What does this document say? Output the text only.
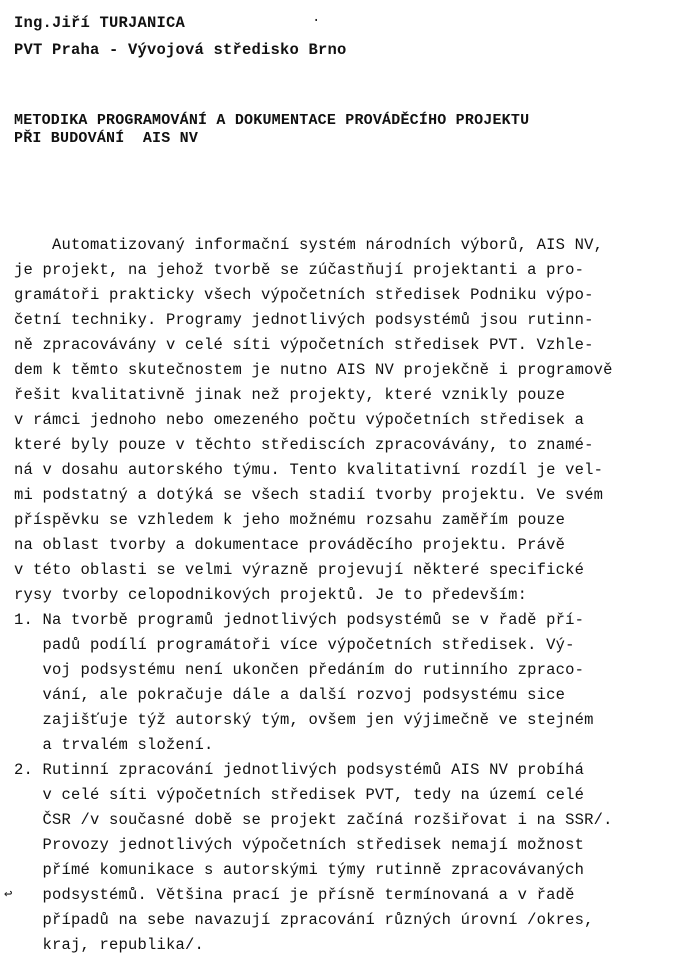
Ing.Jiří TURJANICA
PVT Praha - Vývojová středisko Brno
METODIKA PROGRAMOVÁNÍ A DOKUMENTACE PROVÁDĚCÍHO PROJEKTU
PŘI BUDOVÁNÍ  AIS NV
Automatizovaný informační systém národních výborů, AIS NV,
je projekt, na jehož tvorbě se zúčastňují projektanti a pro-
gramátoři prakticky všech výpočetních středisek Podniku výpo-
četní techniky. Programy jednotlivých podsystémů jsou rutinn-
ně zpracovávány v celé síti výpočetních středisek PVT. Vzhle-
dem k těmto skutečnostem je nutno AIS NV projekčně i programově
řešit kvalitativně jinak než projekty, které vznikly pouze
v rámci jednoho nebo omezeného počtu výpočetních středisek a
které byly pouze v těchto střediscích zpracovávány, to znamé-
ná v dosahu autorského týmu. Tento kvalitativní rozdíl je vel-
mi podstatný a dotýká se všech stadií tvorby projektu. Ve svém
příspěvku se vzhledem k jeho možnému rozsahu zaměřím pouze
na oblast tvorby a dokumentace prováděcího projektu. Právě
v této oblasti se velmi výrazně projevují některé specifické
rysy tvorby celopodnikových projektů. Je to především:
1. Na tvorbě programů jednotlivých podsystémů se v řadě pří-
padů podílí programátoři více výpočetních středisek. Vý-
voj podsystému není ukončen předáním do rutinního zpraco-
vání, ale pokračuje dále a další rozvoj podsystému sice
zajišťuje týž autorský tým, ovšem jen výjimečně ve stejném
a trvalém složení.
2. Rutinní zpracování jednotlivých podsystémů AIS NV probíhá
v celé síti výpočetních středisek PVT, tedy na území celé
ČSR /v současné době se projekt začíná rozšiřovat i na SSR/.
Provozy jednotlivých výpočetních středisek nemají možnost
přímé komunikace s autorskými týmy rutinně zpracovávaných
podsystémů. Většina prací je přísně termínovaná a v řadě
případů na sebe navazují zpracování různých úrovní /okres,
kraj, republika/.
·
↩
